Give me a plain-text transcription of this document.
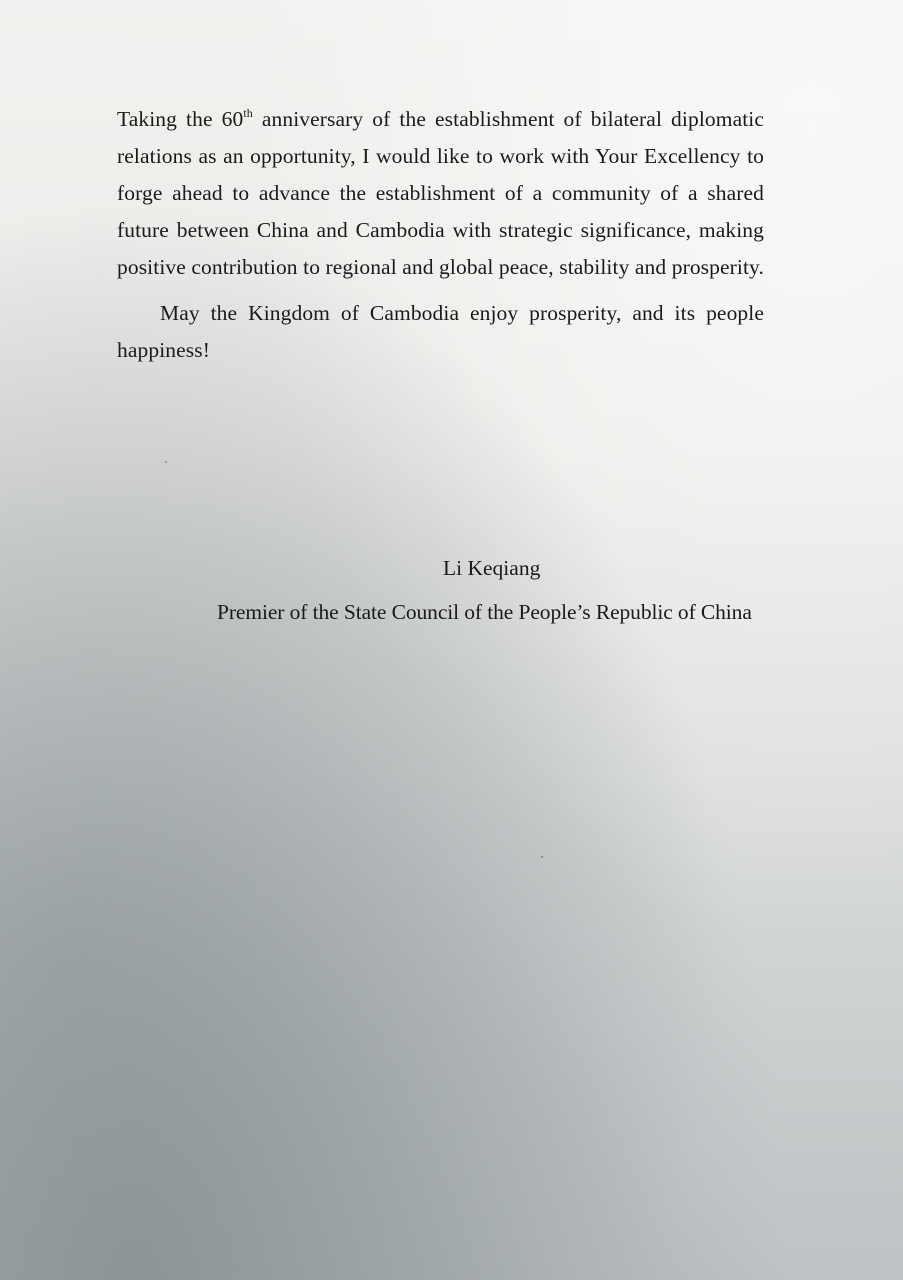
Taking the 60th anniversary of the establishment of bilateral diplomatic relations as an opportunity, I would like to work with Your Excellency to forge ahead to advance the establishment of a community of a shared future between China and Cambodia with strategic significance, making positive contribution to regional and global peace, stability and prosperity.

May the Kingdom of Cambodia enjoy prosperity, and its people happiness!

Li Keqiang
Premier of the State Council of the People’s Republic of China
